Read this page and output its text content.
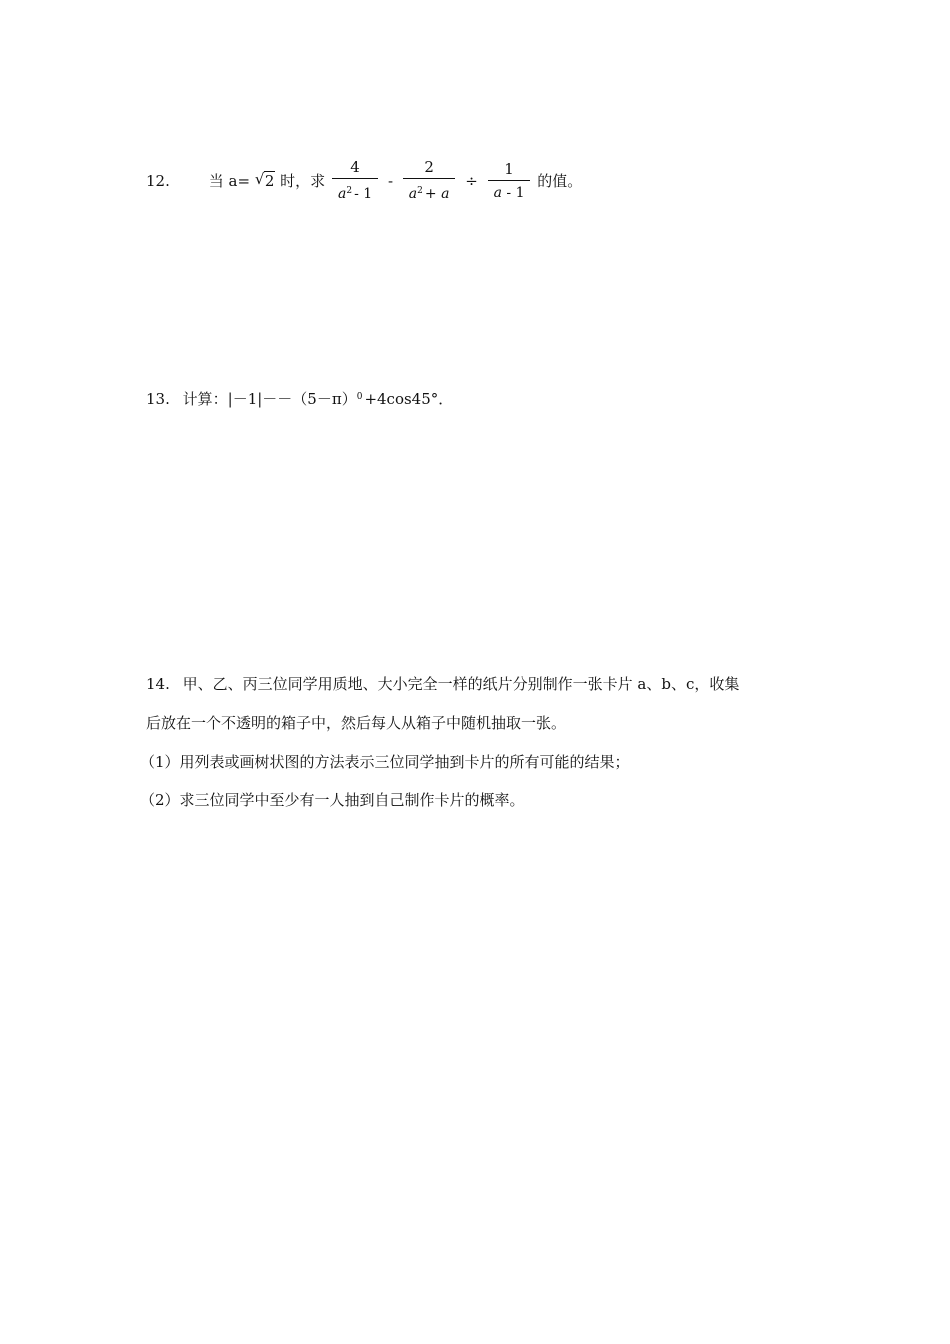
12.	当 a= √ 2 时，求 $\frac{4}{a^2 - 1} - \frac{2}{a^2 + a} \div \frac{1}{a - 1}$ 的值。
13. 计算：$|-1|--(5-\pi)^0 +4\cos 45^\circ$．
14. 甲、乙、丙三位同学用质地、大小完全一样的纸片分别制作一张卡片 a、b、c，收集
后放在一个不透明的箱子中，然后每人从箱子中随机抽取一张。
（1）用列表或画树状图的方法表示三位同学抽到卡片的所有可能的结果；
（2）求三位同学中至少有一人抽到自己制作卡片的概率。
